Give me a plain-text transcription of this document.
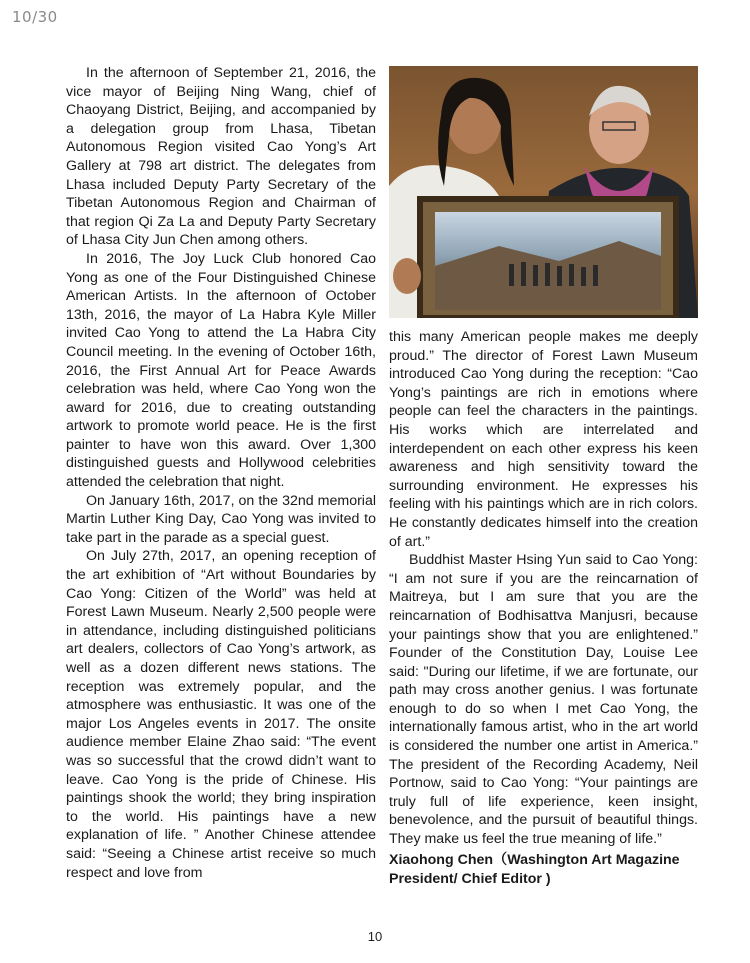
10/30

In the afternoon of September 21, 2016, the vice mayor of Beijing Ning Wang, chief of Chaoyang District, Beijing, and accompanied by a delegation group from Lhasa, Tibetan Autonomous Region visited Cao Yong’s Art Gallery at 798 art district. The delegates from Lhasa included Deputy Party Secretary of the Tibetan Autonomous Region and Chairman of that region Qi Za La and Deputy Party Secretary of Lhasa City Jun Chen among others.

In 2016, The Joy Luck Club honored Cao Yong as one of the Four Distinguished Chinese American Artists. In the afternoon of October 13th, 2016, the mayor of La Habra Kyle Miller invited Cao Yong to attend the La Habra City Council meeting. In the evening of October 16th, 2016, the First Annual Art for Peace Awards celebration was held, where Cao Yong won the award for 2016, due to creating outstanding artwork to promote world peace. He is the first painter to have won this award. Over 1,300 distinguished guests and Hollywood celebrities attended the celebration that night.

On January 16th, 2017, on the 32nd memorial Martin Luther King Day, Cao Yong was invited to take part in the parade as a special guest.

On July 27th, 2017, an opening reception of the art exhibition of “Art without Boundaries by Cao Yong: Citizen of the World” was held at Forest Lawn Museum. Nearly 2,500 people were in attendance, including distinguished politicians art dealers, collectors of Cao Yong’s artwork, as well as a dozen different news stations. The reception was extremely popular, and the atmosphere was enthusiastic. It was one of the major Los Angeles events in 2017. The onsite audience member Elaine Zhao said: “The event was so successful that the crowd didn’t want to leave. Cao Yong is the pride of Chinese. His paintings shook the world; they bring inspiration to the world. His paintings have a new explanation of life. ” Another Chinese attendee said: “Seeing a Chinese artist receive so much respect and love from

this many American people makes me deeply proud.” The director of Forest Lawn Museum introduced Cao Yong during the reception: “Cao Yong’s paintings are rich in emotions where people can feel the characters in the paintings. His works which are interrelated and interdependent on each other express his keen awareness and high sensitivity toward the surrounding environment. He expresses his feeling with his paintings which are in rich colors. He constantly dedicates himself into the creation of art.”

Buddhist Master Hsing Yun said to Cao Yong: “I am not sure if you are the reincarnation of Maitreya, but I am sure that you are the reincarnation of Bodhisattva Manjusri, because your paintings show that you are enlightened.” Founder of the Constitution Day, Louise Lee said: "During our lifetime, if we are fortunate, our path may cross another genius. I was fortunate enough to do so when I met Cao Yong, the internationally famous artist, who in the art world is considered the number one artist in America.” The president of the Recording Academy, Neil Portnow, said to Cao Yong: “Your paintings are truly full of life experience, keen insight, benevolence, and the pursuit of beautiful things. They make us feel the true meaning of life.”

Xiaohong Chen（Washington Art Magazine
President/ Chief Editor )
10
